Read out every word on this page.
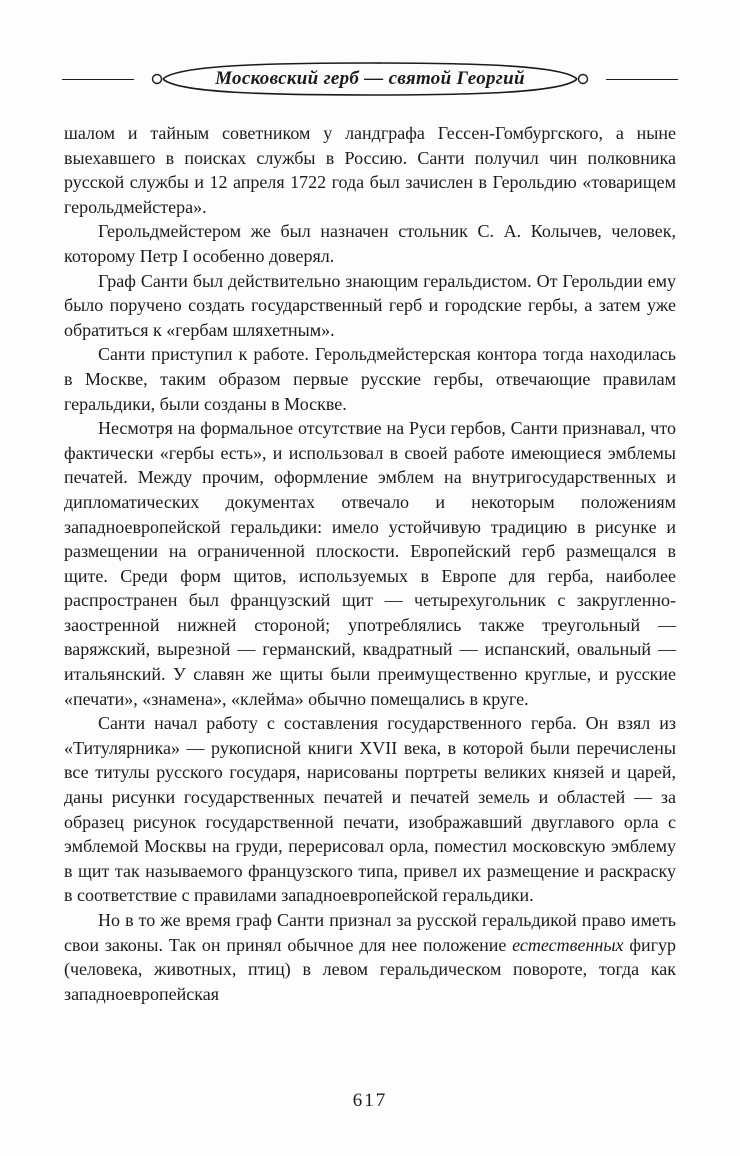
Московский герб — святой Георгий

шалом и тайным советником у ландграфа Гессен-Гомбургского, а ныне выехавшего в поисках службы в Россию. Санти получил чин полковника русской службы и 12 апреля 1722 года был зачислен в Герольдию «товарищем герольдмейстера».

Герольдмейстером же был назначен стольник С. А. Колычев, человек, которому Петр I особенно доверял.

Граф Санти был действительно знающим геральдистом. От Герольдии ему было поручено создать государственный герб и городские гербы, а затем уже обратиться к «гербам шляхетным».

Санти приступил к работе. Герольдмейстерская контора тогда находилась в Москве, таким образом первые русские гербы, отвечающие правилам геральдики, были созданы в Москве.

Несмотря на формальное отсутствие на Руси гербов, Санти признавал, что фактически «гербы есть», и использовал в своей работе имеющиеся эмблемы печатей. Между прочим, оформление эмблем на внутригосударственных и дипломатических документах отвечало и некоторым положениям западноевропейской геральдики: имело устойчивую традицию в рисунке и размещении на ограниченной плоскости. Европейский герб размещался в щите. Среди форм щитов, используемых в Европе для герба, наиболее распространен был французский щит — четырехугольник с закругленно-заостренной нижней стороной; употреблялись также треугольный — варяжский, вырезной — германский, квадратный — испанский, овальный — итальянский. У славян же щиты были преимущественно круглые, и русские «печати», «знамена», «клейма» обычно помещались в круге.

Санти начал работу с составления государственного герба. Он взял из «Титулярника» — рукописной книги XVII века, в которой были перечислены все титулы русского государя, нарисованы портреты великих князей и царей, даны рисунки государственных печатей и печатей земель и областей — за образец рисунок государственной печати, изображавший двуглавого орла с эмблемой Москвы на груди, перерисовал орла, поместил московскую эмблему в щит так называемого французского типа, привел их размещение и раскраску в соответствие с правилами западноевропейской геральдики.

Но в то же время граф Санти признал за русской геральдикой право иметь свои законы. Так он принял обычное для нее положение естественных фигур (человека, животных, птиц) в левом геральдическом повороте, тогда как западноевропейская

617
